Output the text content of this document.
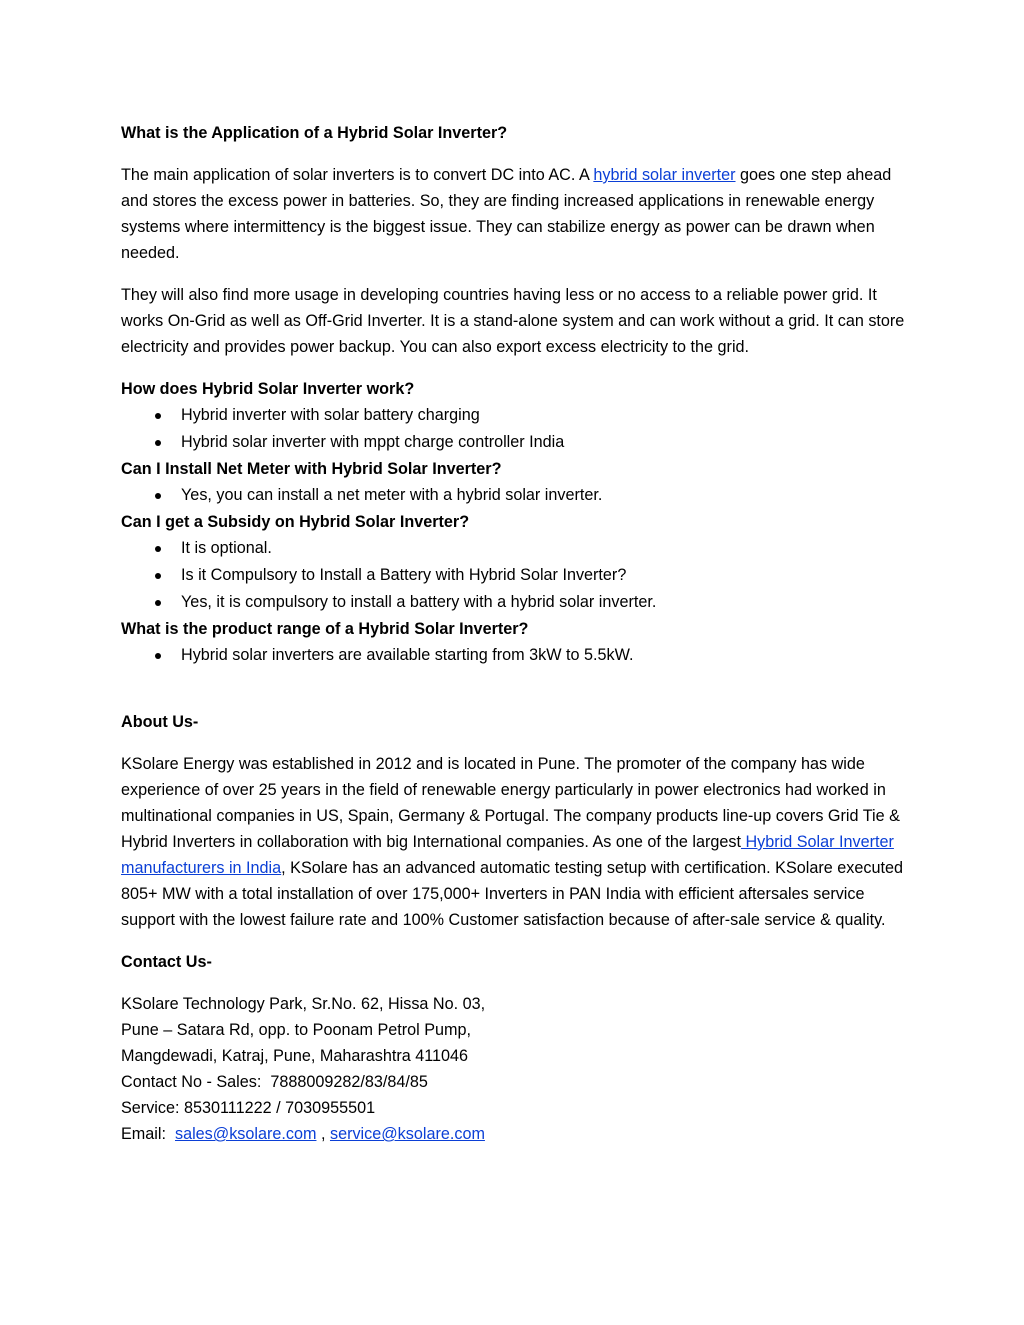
What is the Application of a Hybrid Solar Inverter?

The main application of solar inverters is to convert DC into AC. A hybrid solar inverter goes one step ahead and stores the excess power in batteries. So, they are finding increased applications in renewable energy systems where intermittency is the biggest issue. They can stabilize energy as power can be drawn when needed.

They will also find more usage in developing countries having less or no access to a reliable power grid. It works On-Grid as well as Off-Grid Inverter. It is a stand-alone system and can work without a grid. It can store electricity and provides power backup. You can also export excess electricity to the grid.

How does Hybrid Solar Inverter work?

Hybrid inverter with solar battery charging
Hybrid solar inverter with mppt charge controller India

Can I Install Net Meter with Hybrid Solar Inverter?

Yes, you can install a net meter with a hybrid solar inverter.

Can I get a Subsidy on Hybrid Solar Inverter?

It is optional.
Is it Compulsory to Install a Battery with Hybrid Solar Inverter?
Yes, it is compulsory to install a battery with a hybrid solar inverter.

What is the product range of a Hybrid Solar Inverter?

Hybrid solar inverters are available starting from 3kW to 5.5kW.

About Us-

KSolare Energy was established in 2012 and is located in Pune. The promoter of the company has wide experience of over 25 years in the field of renewable energy particularly in power electronics had worked in multinational companies in US, Spain, Germany & Portugal. The company products line-up covers Grid Tie & Hybrid Inverters in collaboration with big International companies. As one of the largest Hybrid Solar Inverter manufacturers in India, KSolare has an advanced automatic testing setup with certification. KSolare executed 805+ MW with a total installation of over 175,000+ Inverters in PAN India with efficient aftersales service support with the lowest failure rate and 100% Customer satisfaction because of after-sale service & quality.

Contact Us-

KSolare Technology Park, Sr.No. 62, Hissa No. 03,
Pune – Satara Rd, opp. to Poonam Petrol Pump,
Mangdewadi, Katraj, Pune, Maharashtra 411046
Contact No - Sales:  7888009282/83/84/85
Service: 8530111222 / 7030955501
Email:  sales@ksolare.com , service@ksolare.com
